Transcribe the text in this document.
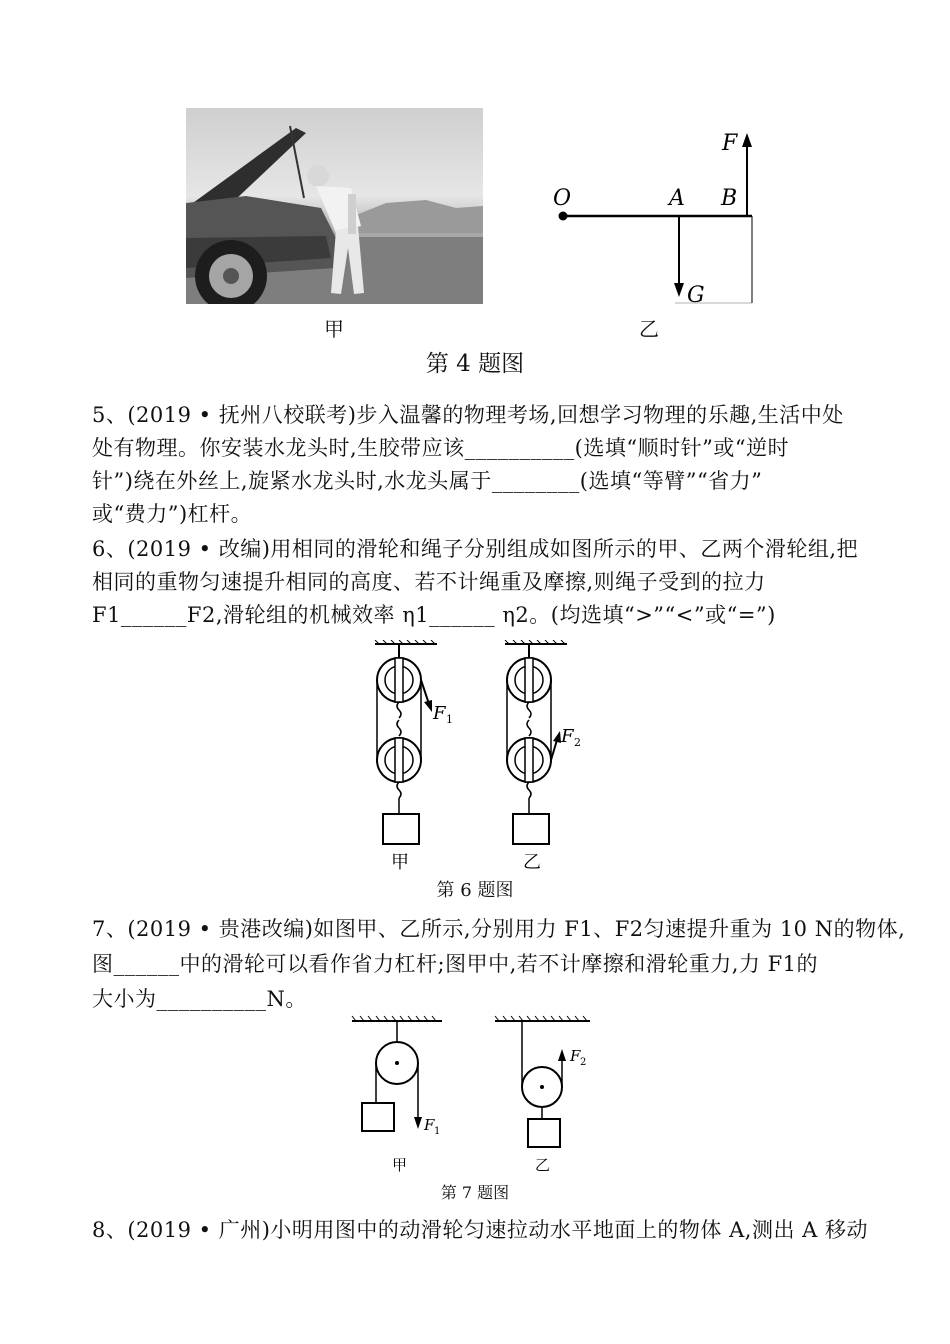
甲
O	A B
F
G
乙
第 4 题图
5、(2019 • 抚州八校联考)步入温馨的物理考场,回想学习物理的乐趣,生活中处
处有物理。你安装水龙头时,生胶带应该__________(选填“顺时针”或“逆时
针”)绕在外丝上,旋紧水龙头时,水龙头属于________(选填“等臂”“省力”
或“费力”)杠杆。
6、(2019 • 改编)用相同的滑轮和绳子分别组成如图所示的甲、乙两个滑轮组,把
相同的重物匀速提升相同的高度、若不计绳重及摩擦,则绳子受到的拉力
F1______F2,滑轮组的机械效率 η1______ η2。(均选填“>”“<”或“=”)
F 1
F 2
甲	乙
第 6 题图
7、(2019 • 贵港改编)如图甲、乙所示,分别用力 F1、F2匀速提升重为 10 N的物体,
图______中的滑轮可以看作省力杠杆;图甲中,若不计摩擦和滑轮重力,力 F1的
大小为__________N。
F 1
F 2
甲	乙
第 7 题图
8、(2019 • 广州)小明用图中的动滑轮匀速拉动水平地面上的物体 A,测出 A 移动
